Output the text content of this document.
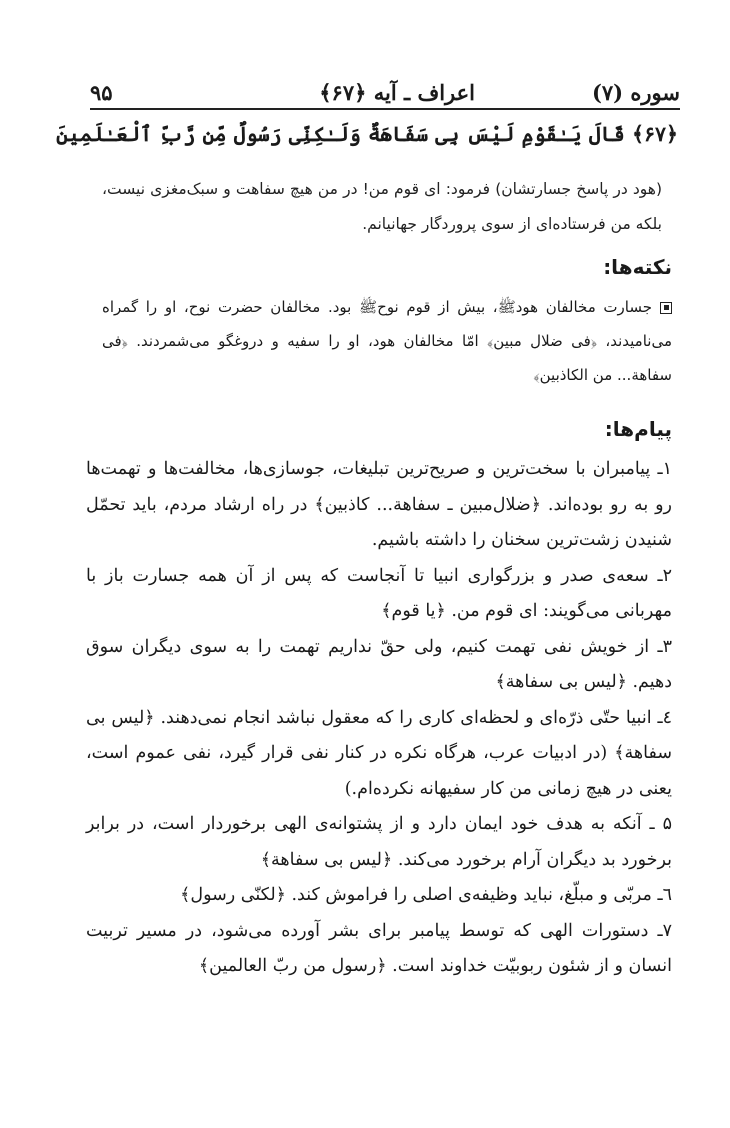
سوره (۷)
اعراف ـ آیه ﴿۶۷﴾
۹۵
﴿۶۷﴾ قَالَ يَـٰقَوْمِ لَيْسَ بِى سَفَاهَةٌ وَلَـٰكِنِّى رَسُولٌ مِّن رَّبِّ ٱلْعَـٰلَمِينَ
(هود در پاسخ جسارتشان) فرمود: ای قوم من! در من هیچ سفاهت و سبک‌مغزی نیست، بلکه من فرستاده‌ای از سوی پروردگار جهانیانم.
نکته‌ها:
جسارت مخالفان هودﷺ، بیش از قوم نوحﷺ بود. مخالفان حضرت نوح، او را گمراه می‌نامیدند، ﴿فی ضلال مبین﴾ امّا مخالفان هود، او را سفیه و دروغگو می‌شمردند. ﴿فی سفاهة... من الکاذبین﴾
پیام‌ها:
۱ـ پیامبران با سخت‌ترین و صریح‌ترین تبلیغات، جوسازی‌ها، مخالفت‌ها و تهمت‌ها رو به رو بوده‌اند. ﴿ضلال‌مبین ـ سفاهة... کاذبین﴾ در راه ارشاد مردم، باید تحمّل شنیدن زشت‌ترین سخنان را داشته باشیم.
۲ـ سعه‌ی صدر و بزرگواری انبیا تا آنجاست که پس از آن همه جسارت باز با مهربانی می‌گویند: ای قوم من. ﴿یا قوم﴾
۳ـ از خویش نفی تهمت کنیم، ولی حقّ نداریم تهمت را به سوی دیگران سوق دهیم. ﴿لیس بی سفاهة﴾
٤ـ انبیا حتّی ذرّه‌ای و لحظه‌ای کاری را که معقول نباشد انجام نمی‌دهند. ﴿لیس بی سفاهة﴾ (در ادبیات عرب، هرگاه نکره در کنار نفی قرار گیرد، نفی عموم است، یعنی در هیچ زمانی من کار سفیهانه نکرده‌ام.)
۵ ـ آنکه به هدف خود ایمان دارد و از پشتوانه‌ی الهی برخوردار است، در برابر برخورد بد دیگران آرام برخورد می‌کند. ﴿لیس بی سفاهة﴾
٦ـ مربّی و مبلّغ، نباید وظیفه‌ی اصلی را فراموش کند. ﴿لکنّی رسول﴾
۷ـ دستورات الهی که توسط پیامبر برای بشر آورده می‌شود، در مسیر تربیت انسان و از شئون ربوبیّت خداوند است. ﴿رسول من ربّ العالمین﴾
